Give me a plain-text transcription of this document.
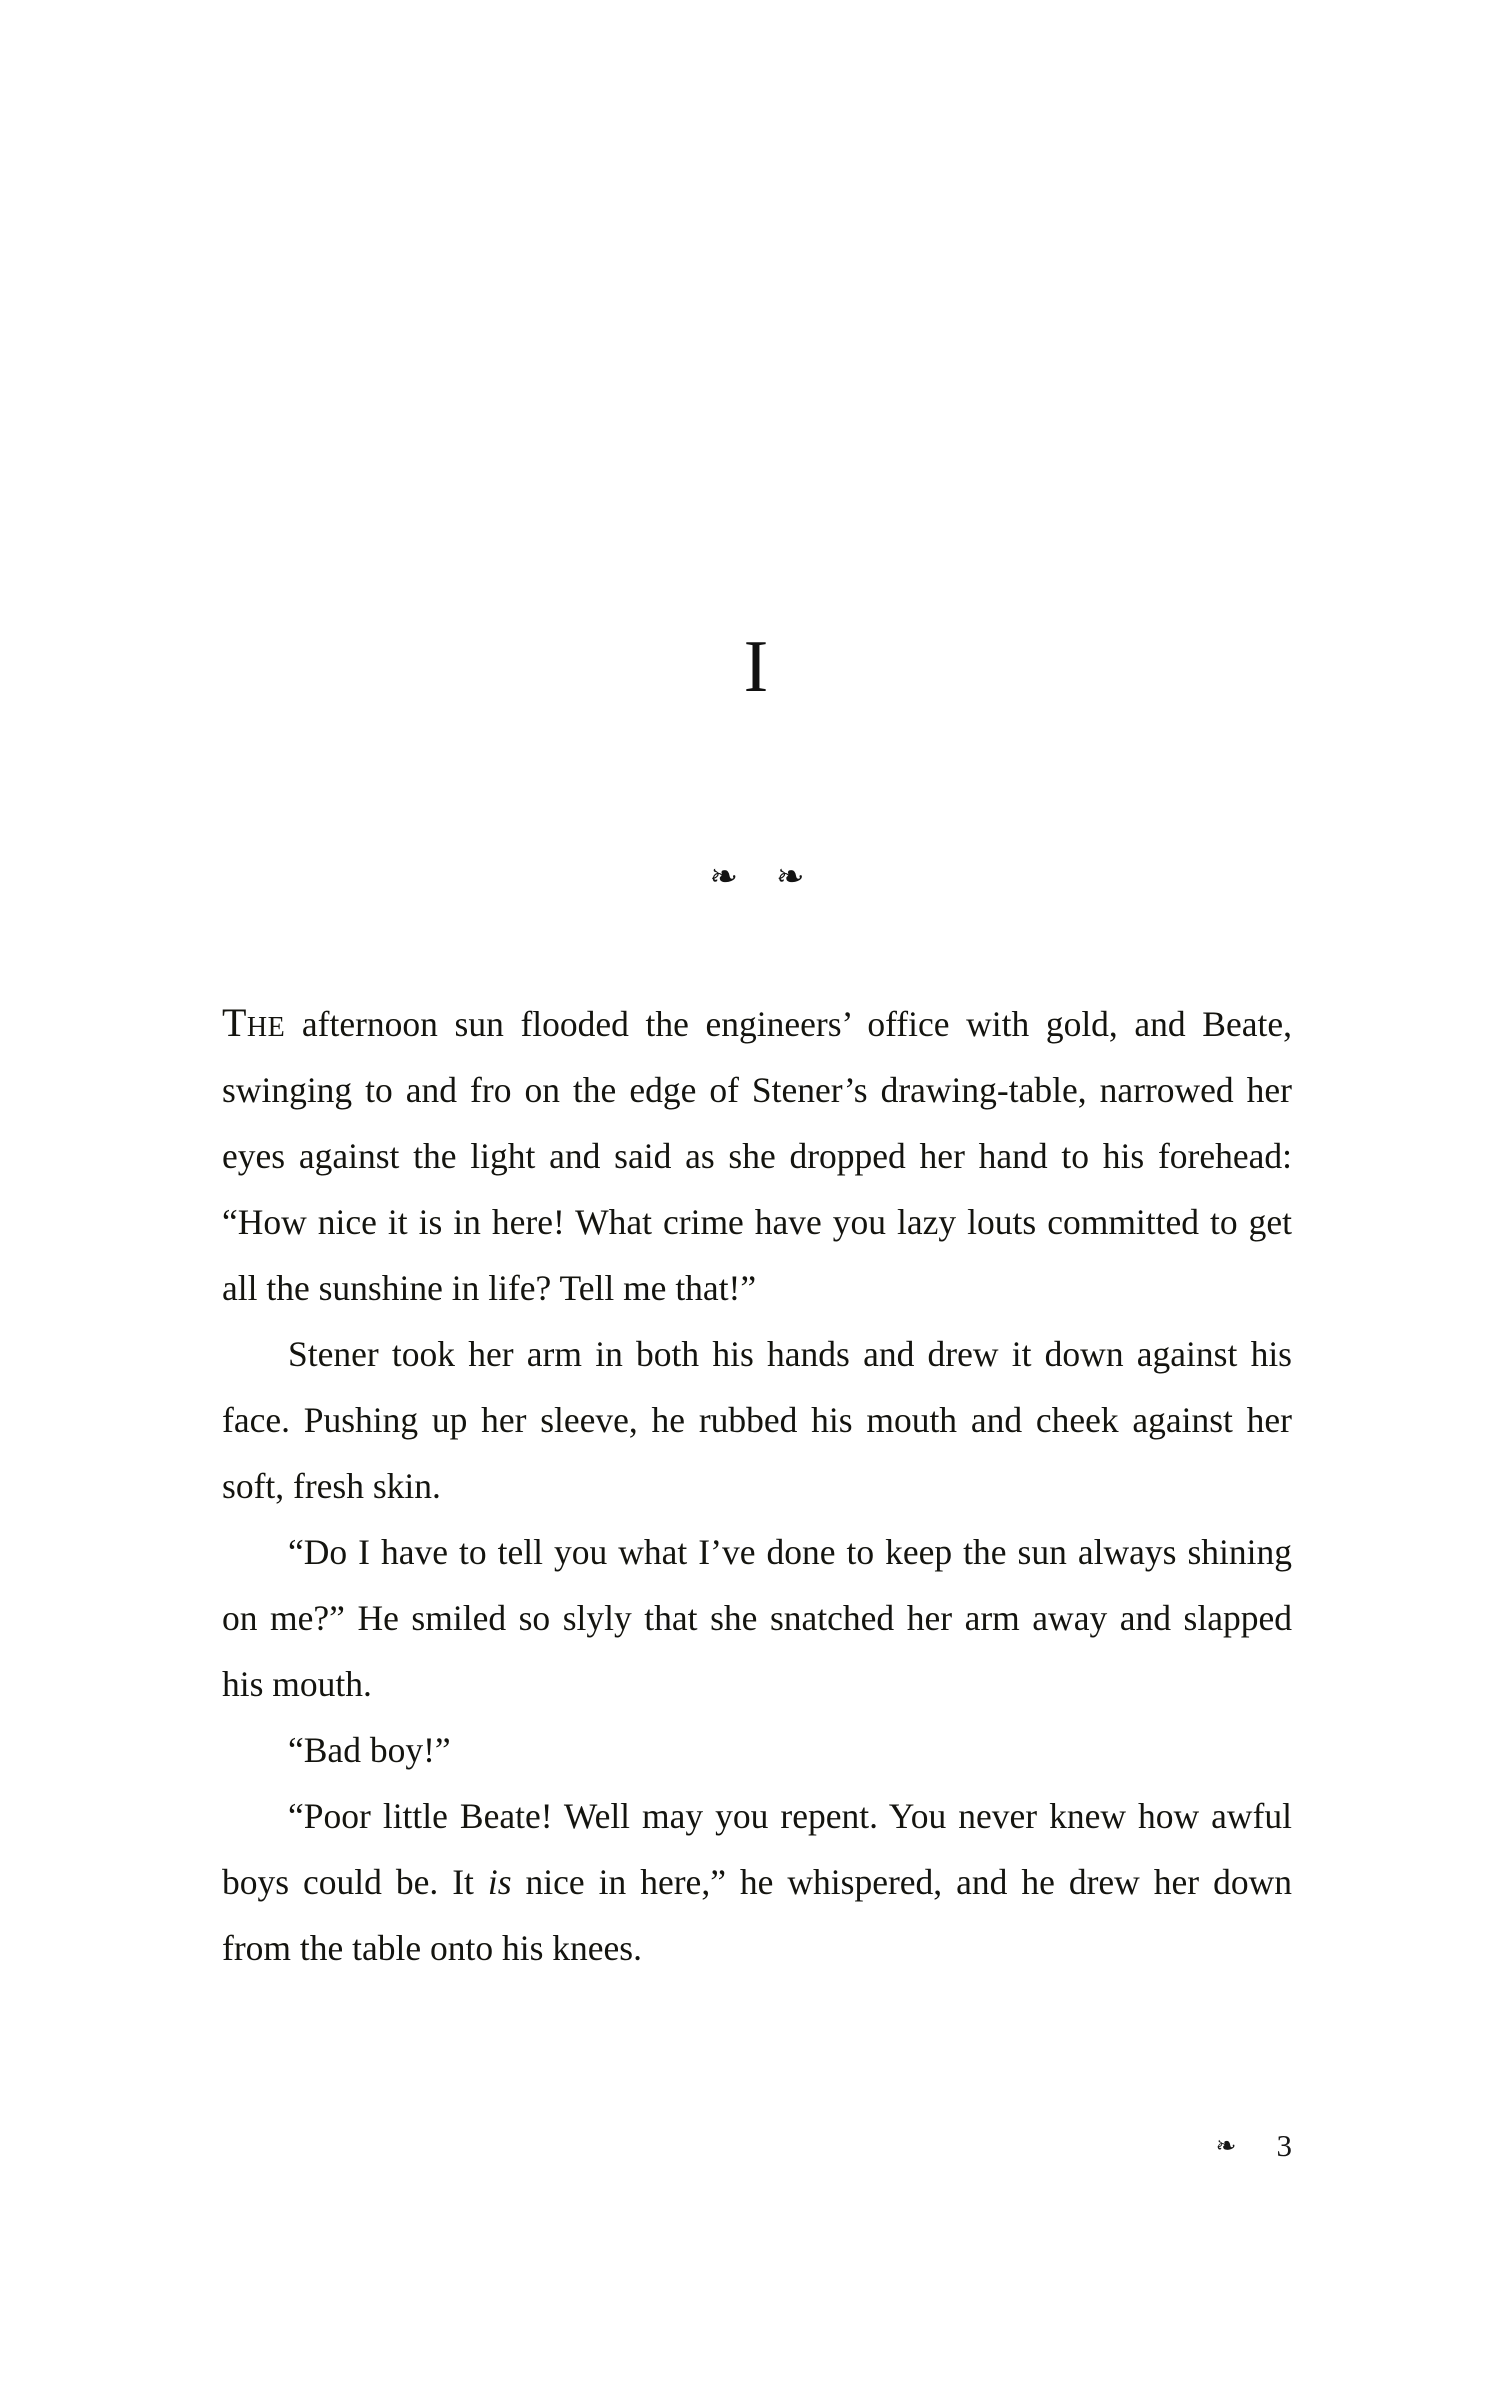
I
❧❧

The afternoon sun flooded the engineers’ office with gold, and Beate, swinging to and fro on the edge of Stener’s drawing-table, narrowed her eyes against the light and said as she dropped her hand to his forehead: “How nice it is in here! What crime have you lazy louts committed to get all the sunshine in life? Tell me that!”

Stener took her arm in both his hands and drew it down against his face. Pushing up her sleeve, he rubbed his mouth and cheek against her soft, fresh skin.

“Do I have to tell you what I’ve done to keep the sun always shining on me?” He smiled so slyly that she snatched her arm away and slapped his mouth.

“Bad boy!”

“Poor little Beate! Well may you repent. You never knew how awful boys could be. It is nice in here,” he whispered, and he drew her down from the table onto his knees.

❧ 3
